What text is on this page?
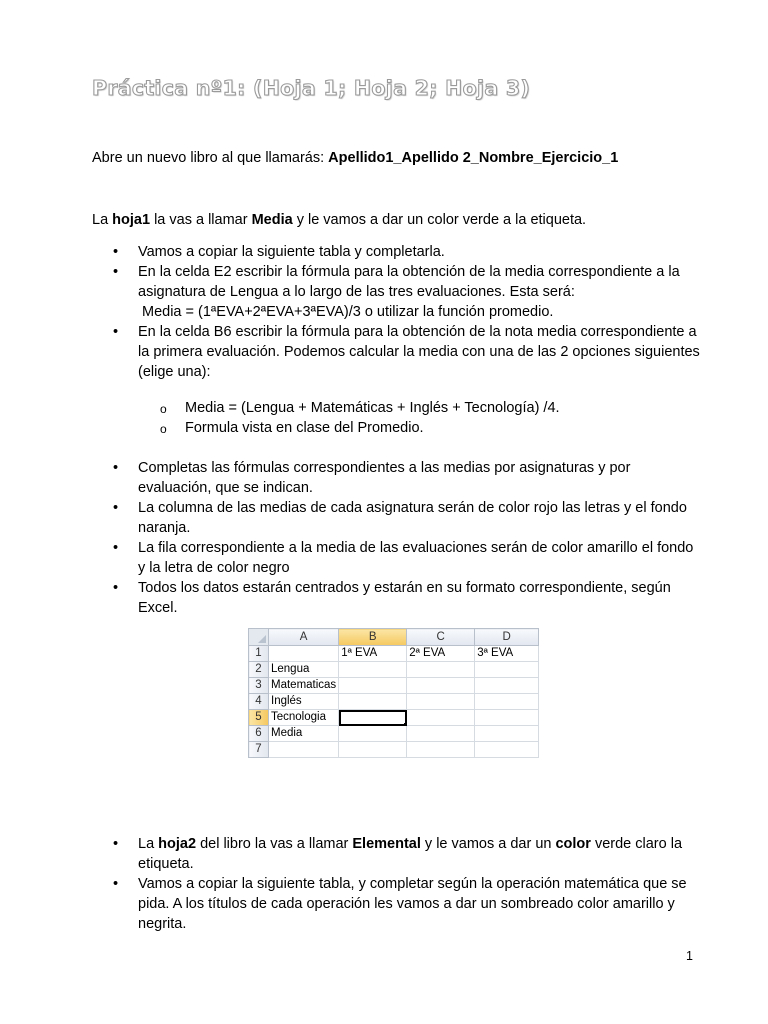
Práctica nº1: (Hoja 1; Hoja 2; Hoja 3)
Abre un nuevo libro al que llamarás: Apellido1_Apellido 2_Nombre_Ejercicio_1
La hoja1 la vas a llamar Media y le vamos a dar un color verde a la etiqueta.
• Vamos a copiar la siguiente tabla y completarla.
• En la celda E2 escribir la fórmula para la obtención de la media correspondiente a la asignatura de Lengua a lo largo de las tres evaluaciones. Esta será:
Media = (1ªEVA+2ªEVA+3ªEVA)/3 o utilizar la función promedio.
• En la celda B6 escribir la fórmula para la obtención de la nota media correspondiente a la primera evaluación. Podemos calcular la media con una de las 2 opciones siguientes (elige una):
o Media = (Lengua + Matemáticas + Inglés + Tecnología) /4.
o Formula vista en clase del Promedio.
• Completas las fórmulas correspondientes a las medias por asignaturas y por evaluación, que se indican.
• La columna de las medias de cada asignatura serán de color rojo las letras y el fondo naranja.
• La fila correspondiente a la media de las evaluaciones serán de color amarillo el fondo y la letra de color negro
• Todos los datos estarán centrados y estarán en su formato correspondiente, según Excel.
	A	B	C	D
1		1ª EVA	2ª EVA	3ª EVA
2	Lengua			
3	Matematicas			
4	Inglés			
5	Tecnologia			
6	Media			
7				
• La hoja2 del libro la vas a llamar Elemental y le vamos a dar un color verde claro la etiqueta.
• Vamos a copiar la siguiente tabla, y completar según la operación matemática que se pida. A los títulos de cada operación les vamos a dar un sombreado color amarillo y negrita.
1
